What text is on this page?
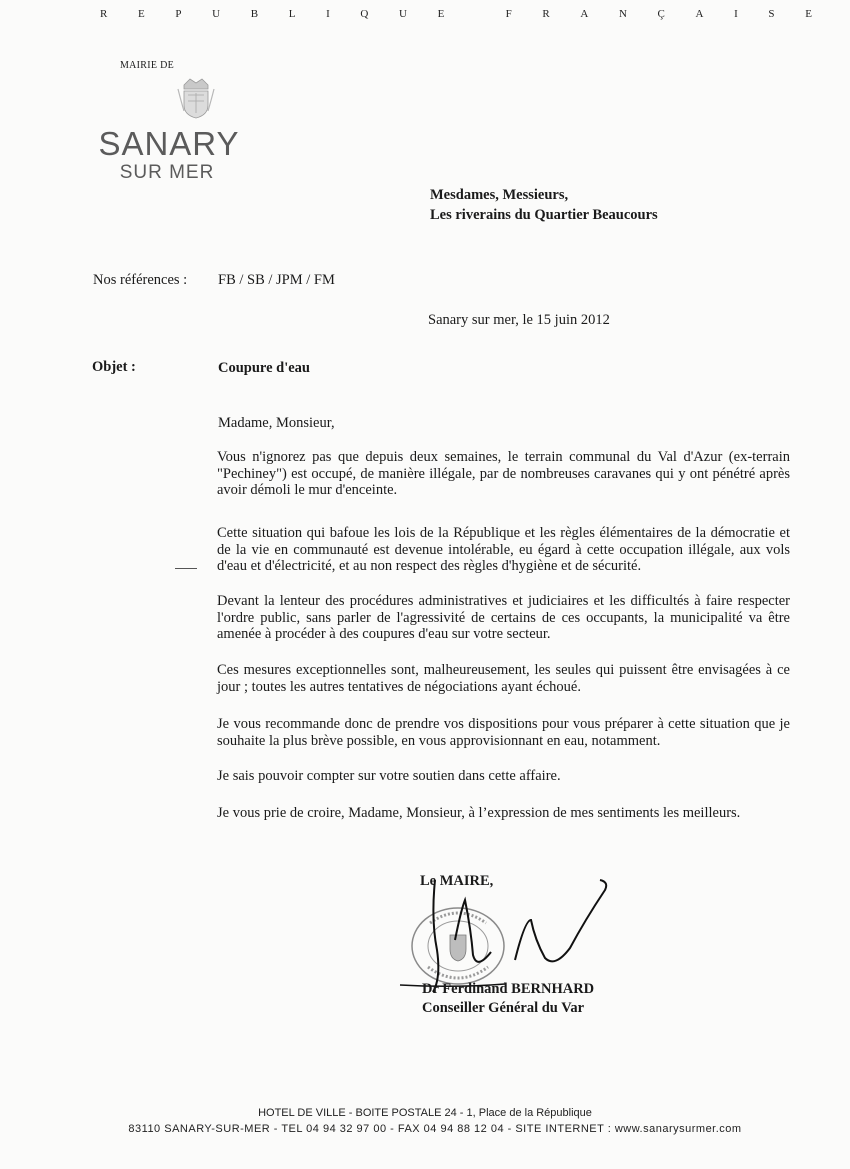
R	E	P	U	B	L	I	Q	U	E	F	R	A	N	Ç	A	I	S	E
MAIRIE DE
SANARY
SUR MER
Mesdames, Messieurs,
Les riverains du Quartier Beaucours
Nos références : FB / SB / JPM / FM
Sanary sur mer, le 15 juin 2012
Objet :	Coupure d'eau
Madame, Monsieur,

Vous n'ignorez pas que depuis deux semaines, le terrain communal du Val d'Azur (ex-terrain "Pechiney") est occupé, de manière illégale, par de nombreuses caravanes qui y ont pénétré après avoir démoli le mur d'enceinte.

Cette situation qui bafoue les lois de la République et les règles élémentaires de la démocratie et de la vie en communauté est devenue intolérable, eu égard à cette occupation illégale, aux vols d'eau et d'électricité, et au non respect des règles d'hygiène et de sécurité.

Devant la lenteur des procédures administratives et judiciaires et les difficultés à faire respecter l'ordre public, sans parler de l'agressivité de certains de ces occupants, la municipalité va être amenée à procéder à des coupures d'eau sur votre secteur.

Ces mesures exceptionnelles sont, malheureusement, les seules qui puissent être envisagées à ce jour ; toutes les autres tentatives de négociations ayant échoué.

Je vous recommande donc de prendre vos dispositions pour vous préparer à cette situation que je souhaite la plus brève possible, en vous approvisionnant en eau, notamment.

Je sais pouvoir compter sur votre soutien dans cette affaire.

Je vous prie de croire, Madame, Monsieur, à l’expression de mes sentiments les meilleurs.

Le MAIRE,
Dr Ferdinand BERNHARD
Conseiller Général du Var
HOTEL DE VILLE - BOITE POSTALE 24 - 1, Place de la République
83110 SANARY-SUR-MER - TEL 04 94 32 97 00 - FAX 04 94 88 12 04 - SITE INTERNET : www.sanarysurmer.com
